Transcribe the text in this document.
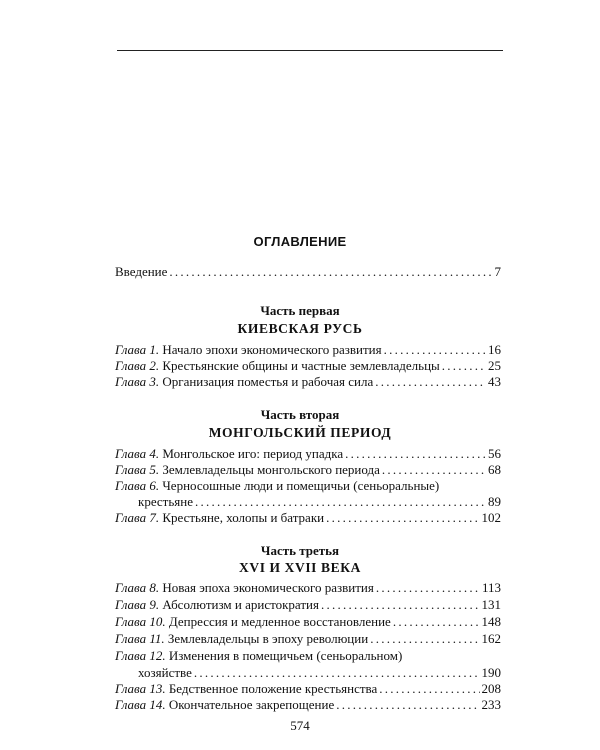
ОГЛАВЛЕНИЕ
Введение . . .	7
Часть первая
КИЕВСКАЯ РУСЬ
Глава 1.
Начало эпохи экономического развития . . .	16
Глава 2.
Крестьянские общины и частные землевладельцы . . .	25
Глава 3.
Организация поместья и рабочая сила . . .	43
Часть вторая
МОНГОЛЬСКИЙ ПЕРИОД
Глава 4.
Монгольское иго: период упадка . . .	56
Глава 5.
Землевладельцы монгольского периода . . .	68
Глава 6.
Черносошные люди и помещичьи (сеньоральные)
крестьяне . . .	89
Глава 7.
Крестьяне, холопы и батраки . . .	102
Часть третья
XVI И XVII ВЕКА
Глава 8.
Новая эпоха экономического развития . . .	113
Глава 9.
Абсолютизм и аристократия . . .	131
Глава 10.
Депрессия и медленное восстановление . . .	148
Глава 11.
Землевладельцы в эпоху революции . . .	162
Глава 12.
Изменения в помещичьем (сеньоральном)
хозяйстве . . .	190
Глава 13.
Бедственное положение крестьянства . . .	208
Глава 14.
Окончательное закрепощение . . .	233
574
